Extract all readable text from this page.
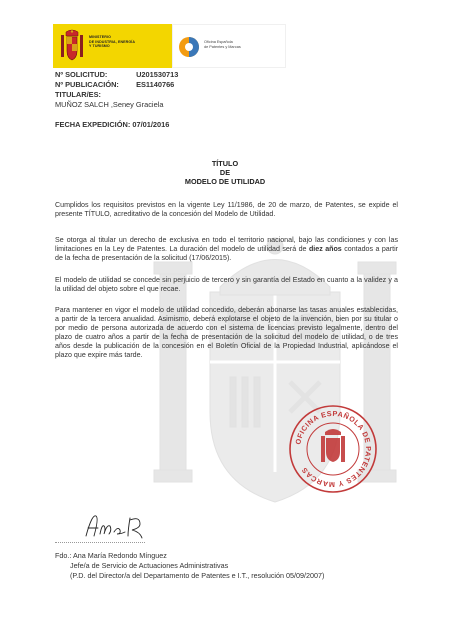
MINISTERIO
DE INDUSTRIA, ENERGÍA
Y TURISMO
Oficina Española
de Patentes y Marcas
Nº SOLICITUD:	U201530713
Nº PUBLICACIÓN: ES1140766
TITULAR/ES:
MUÑOZ SALCH ,Seney Graciela
FECHA EXPEDICIÓN: 07/01/2016
TÍTULO
DE
MODELO DE UTILIDAD

Cumplidos los requisitos previstos en la vigente Ley 11/1986, de 20 de marzo, de Patentes, se expide el presente TÍTULO, acreditativo de la concesión del Modelo de Utilidad.

Se otorga al titular un derecho de exclusiva en todo el territorio nacional, bajo las condiciones y con las limitaciones en la Ley de Patentes. La duración del modelo de utilidad será de diez años contados a partir de la fecha de presentación de la solicitud (17/06/2015).

El modelo de utilidad se concede sin perjuicio de tercero y sin garantía del Estado en cuanto a la validez y a la utilidad del objeto sobre el que recae.

Para mantener en vigor el modelo de utilidad concedido, deberán abonarse las tasas anuales establecidas, a partir de la tercera anualidad. Asimismo, deberá explotarse el objeto de la invención, bien por su titular o por medio de persona autorizada de acuerdo con el sistema de licencias previsto legalmente, dentro del plazo de cuatro años a partir de la fecha de presentación de la solicitud del modelo de utilidad, o de tres años desde la publicación de la concesión en el Boletín Oficial de la Propiedad Industrial, aplicándose el plazo que expire más tarde.

OFICINA ESPAÑOLA DE PATENTES Y MARCAS
Fdo.: Ana María Redondo Mínguez
Jefe/a de Servicio de Actuaciones Administrativas
(P.D. del Director/a del Departamento de Patentes e I.T., resolución 05/09/2007)
